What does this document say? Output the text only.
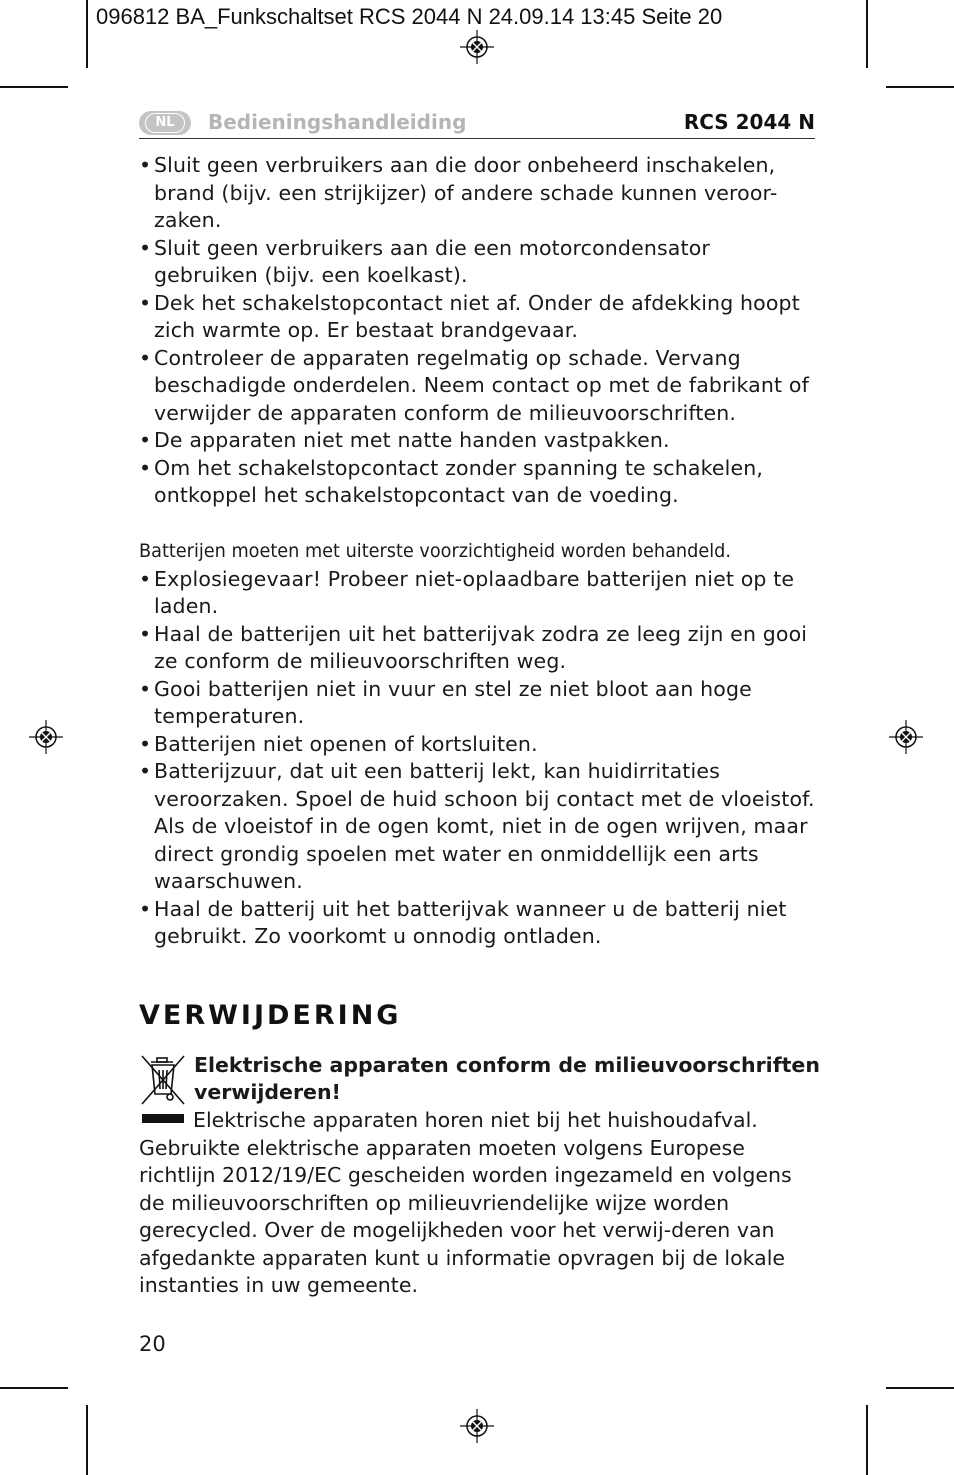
096812 BA_Funkschaltset RCS 2044 N 24.09.14 13:45 Seite 20
NL	Bedieningshandleiding	RCS 2044 N
• Sluit geen verbruikers aan die door onbeheerd inschakelen, brand (bijv. een strijkijzer) of andere schade kunnen veroor-zaken.
• Sluit geen verbruikers aan die een motorcondensator gebruiken (bijv. een koelkast).
• Dek het schakelstopcontact niet af. Onder de afdekking hoopt zich warmte op. Er bestaat brandgevaar.
• Controleer de apparaten regelmatig op schade. Vervang beschadigde onderdelen. Neem contact op met de fabrikant of verwijder de apparaten conform de milieuvoorschriften.
• De apparaten niet met natte handen vastpakken.
• Om het schakelstopcontact zonder spanning te schakelen, ontkoppel het schakelstopcontact van de voeding.
Batterijen moeten met uiterste voorzichtigheid worden behandeld.
• Explosiegevaar! Probeer niet-oplaadbare batterijen niet op te laden.
• Haal de batterijen uit het batterijvak zodra ze leeg zijn en gooi ze conform de milieuvoorschriften weg.
• Gooi batterijen niet in vuur en stel ze niet bloot aan hoge temperaturen.
• Batterijen niet openen of kortsluiten.
• Batterijzuur, dat uit een batterij lekt, kan huidirritaties veroorzaken. Spoel de huid schoon bij contact met de vloeistof. Als de vloeistof in de ogen komt, niet in de ogen wrijven, maar direct grondig spoelen met water en onmiddellijk een arts waarschuwen.
• Haal de batterij uit het batterijvak wanneer u de batterij niet gebruikt. Zo voorkomt u onnodig ontladen.
VERWIJDERING
Elektrische apparaten conform de milieuvoorschriften verwijderen!
Elektrische apparaten horen niet bij het huishoudafval. Gebruikte elektrische apparaten moeten volgens Europese richtlijn 2012/19/EC gescheiden worden ingezameld en volgens de milieuvoorschriften op milieuvriendelijke wijze worden gerecycled. Over de mogelijkheden voor het verwij-deren van afgedankte apparaten kunt u informatie opvragen bij de lokale instanties in uw gemeente.
20
